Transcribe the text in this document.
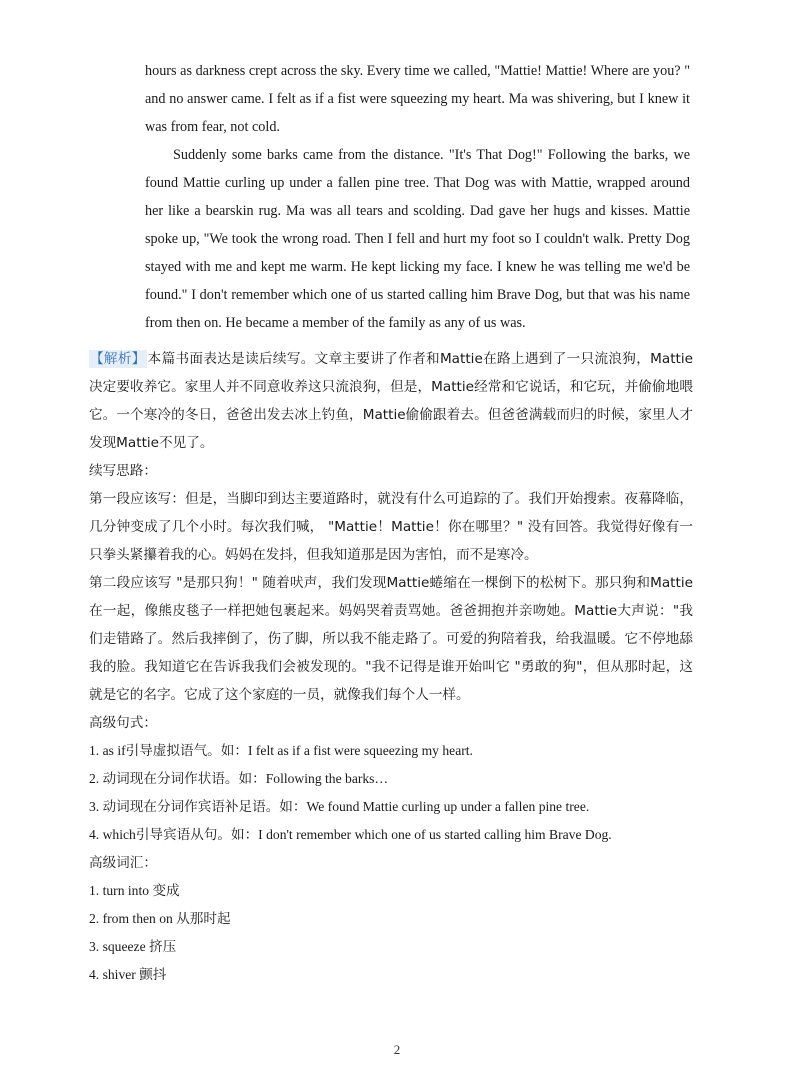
hours as darkness crept across the sky. Every time we called, "Mattie! Mattie! Where are you? " and no answer came. I felt as if a fist were squeezing my heart. Ma was shivering, but I knew it was from fear, not cold.

Suddenly some barks came from the distance. "It's That Dog!" Following the barks, we found Mattie curling up under a fallen pine tree. That Dog was with Mattie, wrapped around her like a bearskin rug. Ma was all tears and scolding. Dad gave her hugs and kisses. Mattie spoke up, "We took the wrong road. Then I fell and hurt my foot so I couldn't walk. Pretty Dog stayed with me and kept me warm. He kept licking my face. I knew he was telling me we'd be found." I don't remember which one of us started calling him Brave Dog, but that was his name from then on. He became a member of the family as any of us was.

【解析】 本篇书面表达是读后续写。文章主要讲了作者和Mattie在路上遇到了一只流浪狗，Mattie决定要收养它。家里人并不同意收养这只流浪狗，但是，Mattie经常和它说话，和它玩，并偷偷地喂它。一个寒冷的冬日，爸爸出发去冰上钓鱼，Mattie偷偷跟着去。但爸爸满载而归的时候，家里人才发现Mattie不见了。

续写思路：

第一段应该写：但是，当脚印到达主要道路时，就没有什么可追踪的了。我们开始搜索。夜幕降临，几分钟变成了几个小时。每次我们喊， "Mattie！Mattie！你在哪里？" 没有回答。我觉得好像有一只拳头紧攥着我的心。妈妈在发抖，但我知道那是因为害怕，而不是寒冷。

第二段应该写 "是那只狗！" 随着吠声，我们发现Mattie蜷缩在一棵倒下的松树下。那只狗和Mattie在一起，像熊皮毯子一样把她包裹起来。妈妈哭着责骂她。爸爸拥抱并亲吻她。Mattie大声说："我们走错路了。然后我摔倒了，伤了脚，所以我不能走路了。可爱的狗陪着我，给我温暖。它不停地舔我的脸。我知道它在告诉我我们会被发现的。"我不记得是谁开始叫它 "勇敢的狗"，但从那时起，这就是它的名字。它成了这个家庭的一员，就像我们每个人一样。

高级句式：

1. as if引导虚拟语气。如：I felt as if a fist were squeezing my heart.
2. 动词现在分词作状语。如：Following the barks…
3. 动词现在分词作宾语补足语。如：We found Mattie curling up under a fallen pine tree.
4. which引导宾语从句。如：I don't remember which one of us started calling him Brave Dog.

高级词汇：

1. turn into 变成
2. from then on 从那时起
3. squeeze 挤压
4. shiver 颤抖
2
